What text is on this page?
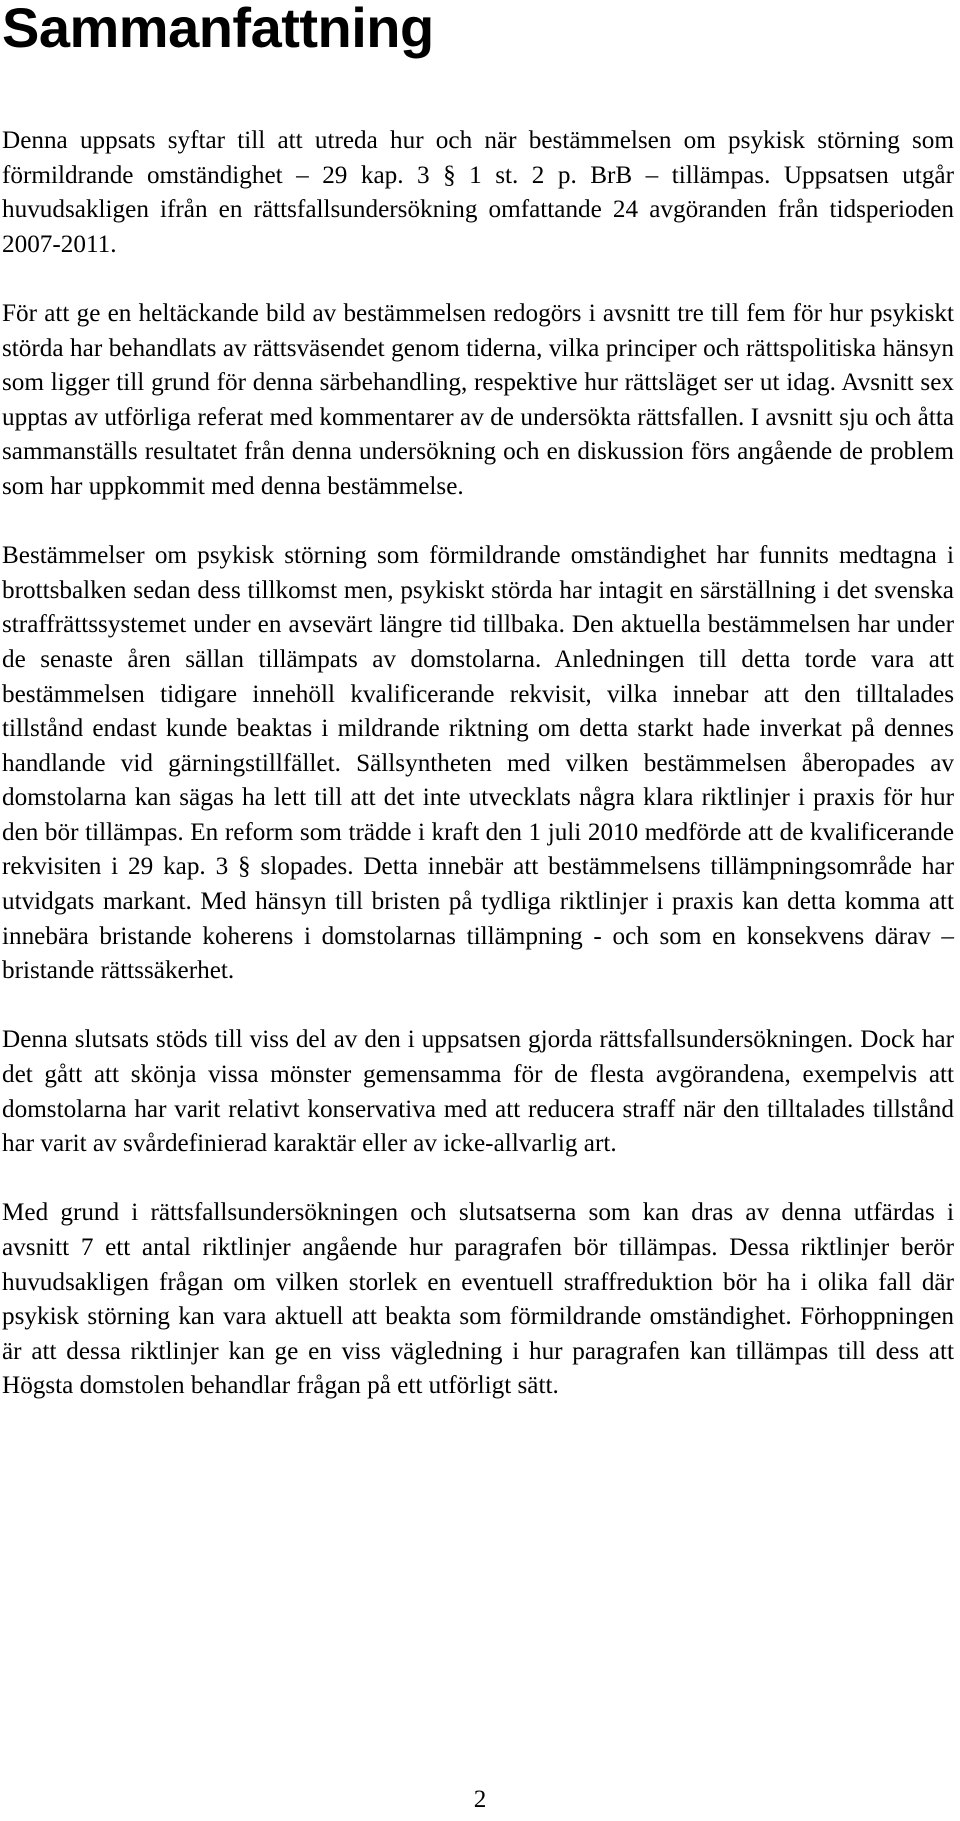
Sammanfattning

Denna uppsats syftar till att utreda hur och när bestämmelsen om psykisk störning som förmildrande omständighet – 29 kap. 3 § 1 st. 2 p. BrB – tillämpas. Uppsatsen utgår huvudsakligen ifrån en rättsfallsundersökning omfattande 24 avgöranden från tidsperioden 2007-2011.

För att ge en heltäckande bild av bestämmelsen redogörs i avsnitt tre till fem för hur psykiskt störda har behandlats av rättsväsendet genom tiderna, vilka principer och rättspolitiska hänsyn som ligger till grund för denna särbehandling, respektive hur rättsläget ser ut idag. Avsnitt sex upptas av utförliga referat med kommentarer av de undersökta rättsfallen. I avsnitt sju och åtta sammanställs resultatet från denna undersökning och en diskussion förs angående de problem som har uppkommit med denna bestämmelse.

Bestämmelser om psykisk störning som förmildrande omständighet har funnits medtagna i brottsbalken sedan dess tillkomst men, psykiskt störda har intagit en särställning i det svenska straffrättssystemet under en avsevärt längre tid tillbaka. Den aktuella bestämmelsen har under de senaste åren sällan tillämpats av domstolarna. Anledningen till detta torde vara att bestämmelsen tidigare innehöll kvalificerande rekvisit, vilka innebar att den tilltalades tillstånd endast kunde beaktas i mildrande riktning om detta starkt hade inverkat på dennes handlande vid gärningstillfället. Sällsyntheten med vilken bestämmelsen åberopades av domstolarna kan sägas ha lett till att det inte utvecklats några klara riktlinjer i praxis för hur den bör tillämpas. En reform som trädde i kraft den 1 juli 2010 medförde att de kvalificerande rekvisiten i 29 kap. 3 § slopades. Detta innebär att bestämmelsens tillämpningsområde har utvidgats markant. Med hänsyn till bristen på tydliga riktlinjer i praxis kan detta komma att innebära bristande koherens i domstolarnas tillämpning - och som en konsekvens därav – bristande rättssäkerhet.

Denna slutsats stöds till viss del av den i uppsatsen gjorda rättsfallsundersökningen. Dock har det gått att skönja vissa mönster gemensamma för de flesta avgörandena, exempelvis att domstolarna har varit relativt konservativa med att reducera straff när den tilltalades tillstånd har varit av svårdefinierad karaktär eller av icke-allvarlig art.

Med grund i rättsfallsundersökningen och slutsatserna som kan dras av denna utfärdas i avsnitt 7 ett antal riktlinjer angående hur paragrafen bör tillämpas. Dessa riktlinjer berör huvudsakligen frågan om vilken storlek en eventuell straffreduktion bör ha i olika fall där psykisk störning kan vara aktuell att beakta som förmildrande omständighet. Förhoppningen är att dessa riktlinjer kan ge en viss vägledning i hur paragrafen kan tillämpas till dess att Högsta domstolen behandlar frågan på ett utförligt sätt.

2
